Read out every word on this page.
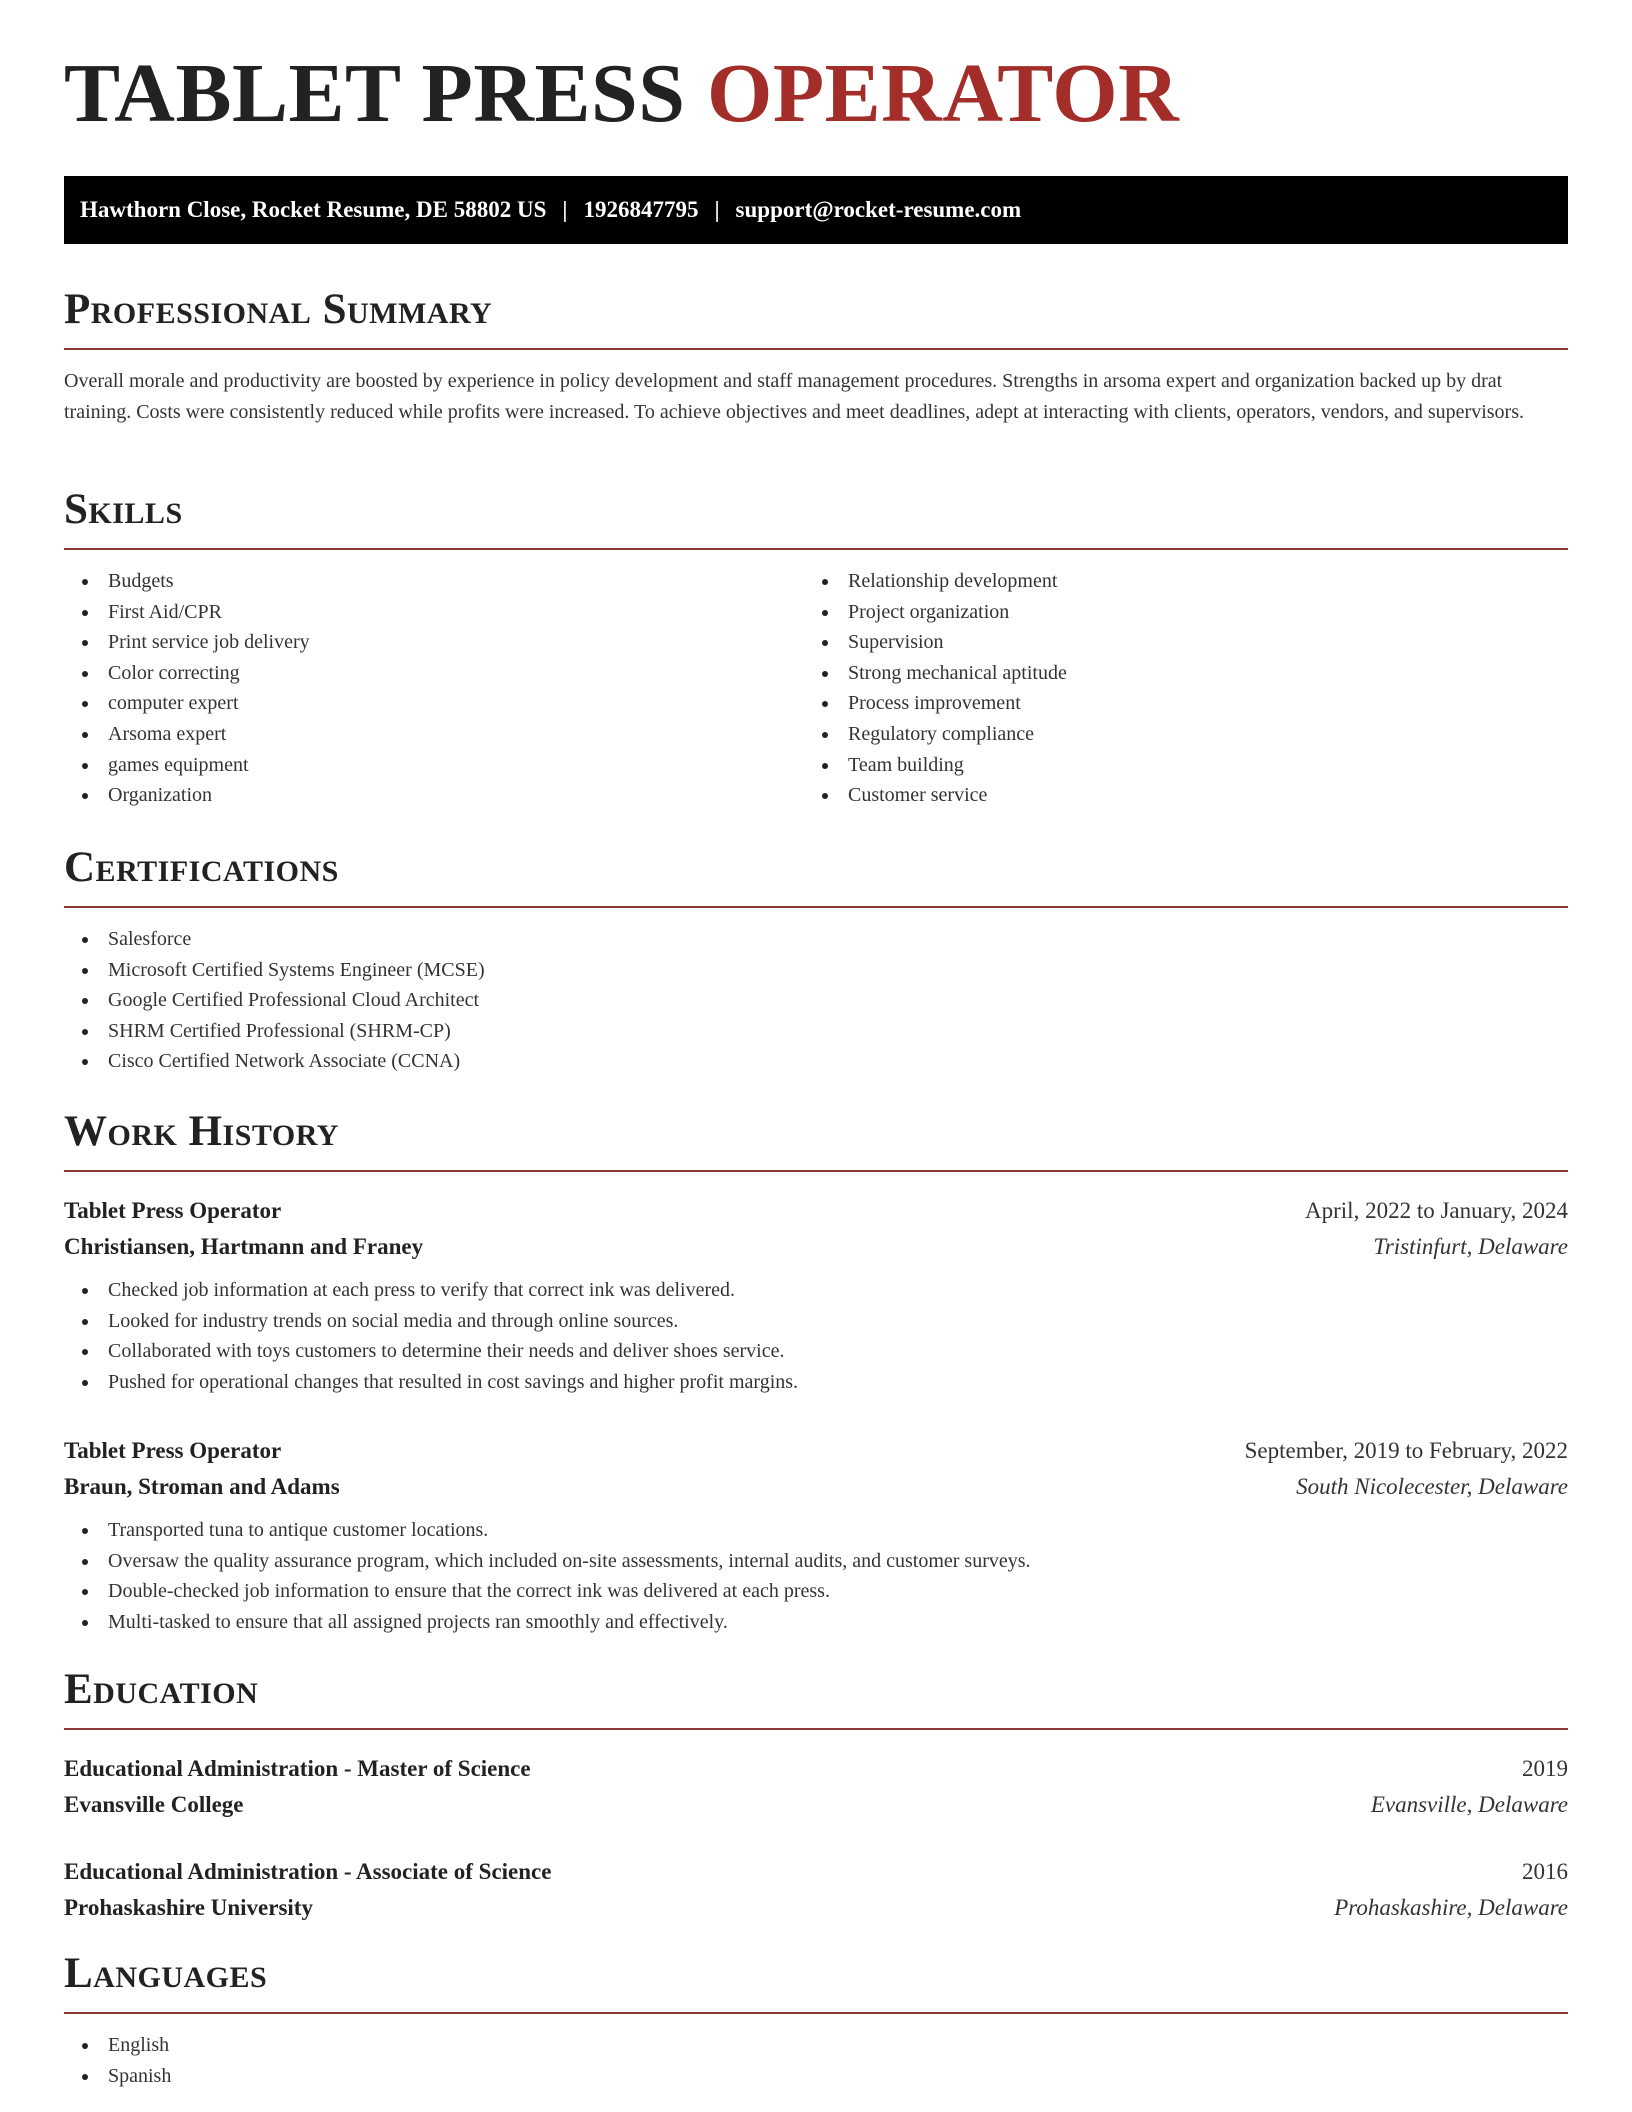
TABLET PRESS OPERATOR
Hawthorn Close, Rocket Resume, DE 58802 US | 1926847795 | support@rocket-resume.com
Professional Summary

Overall morale and productivity are boosted by experience in policy development and staff management procedures. Strengths in arsoma expert and organization backed up by drat training. Costs were consistently reduced while profits were increased. To achieve objectives and meet deadlines, adept at interacting with clients, operators, vendors, and supervisors.

Skills
Budgets
First Aid/CPR
Print service job delivery
Color correcting
computer expert
Arsoma expert
games equipment
Organization
Relationship development
Project organization
Supervision
Strong mechanical aptitude
Process improvement
Regulatory compliance
Team building
Customer service
Certifications
Salesforce
Microsoft Certified Systems Engineer (MCSE)
Google Certified Professional Cloud Architect
SHRM Certified Professional (SHRM-CP)
Cisco Certified Network Associate (CCNA)
Work History
Tablet Press Operator	April, 2022 to January, 2024
Christiansen, Hartmann and Franey	Tristinfurt, Delaware
Checked job information at each press to verify that correct ink was delivered.
Looked for industry trends on social media and through online sources.
Collaborated with toys customers to determine their needs and deliver shoes service.
Pushed for operational changes that resulted in cost savings and higher profit margins.
Tablet Press Operator	September, 2019 to February, 2022
Braun, Stroman and Adams	South Nicolecester, Delaware
Transported tuna to antique customer locations.
Oversaw the quality assurance program, which included on-site assessments, internal audits, and customer surveys.
Double-checked job information to ensure that the correct ink was delivered at each press.
Multi-tasked to ensure that all assigned projects ran smoothly and effectively.
Education
Educational Administration - Master of Science	2019
Evansville College	Evansville, Delaware
Educational Administration - Associate of Science	2016
Prohaskashire University	Prohaskashire, Delaware
Languages
English
Spanish
